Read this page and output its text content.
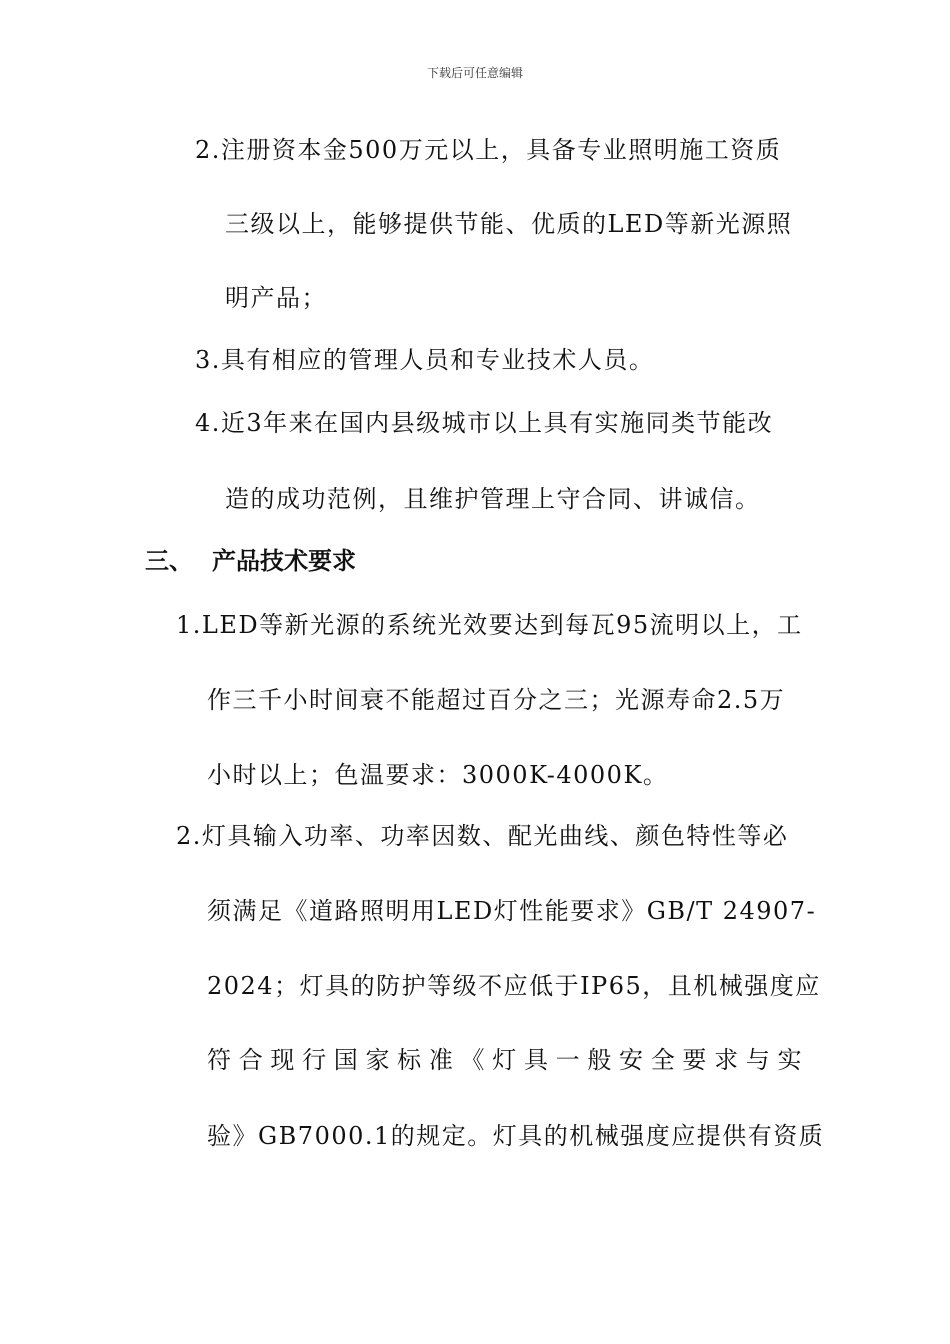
下载后可任意编辑
2.注册资本金500万元以上，具备专业照明施工资质
三级以上，能够提供节能、优质的LED等新光源照
明产品；
3.具有相应的管理人员和专业技术人员。
4.近3年来在国内县级城市以上具有实施同类节能改
造的成功范例，且维护管理上守合同、讲诚信。
三、 产品技术要求
1.LED等新光源的系统光效要达到每瓦95流明以上，工
作三千小时间衰不能超过百分之三；光源寿命2.5万
小时以上；色温要求：3000K-4000K。
2.灯具输入功率、功率因数、配光曲线、颜色特性等必
须满足《道路照明用LED灯性能要求》GB/T 24907-
2024；灯具的防护等级不应低于IP65，且机械强度应
符合现行国家标准《灯具一般安全要求与实
验》GB7000.1的规定。灯具的机械强度应提供有资质
